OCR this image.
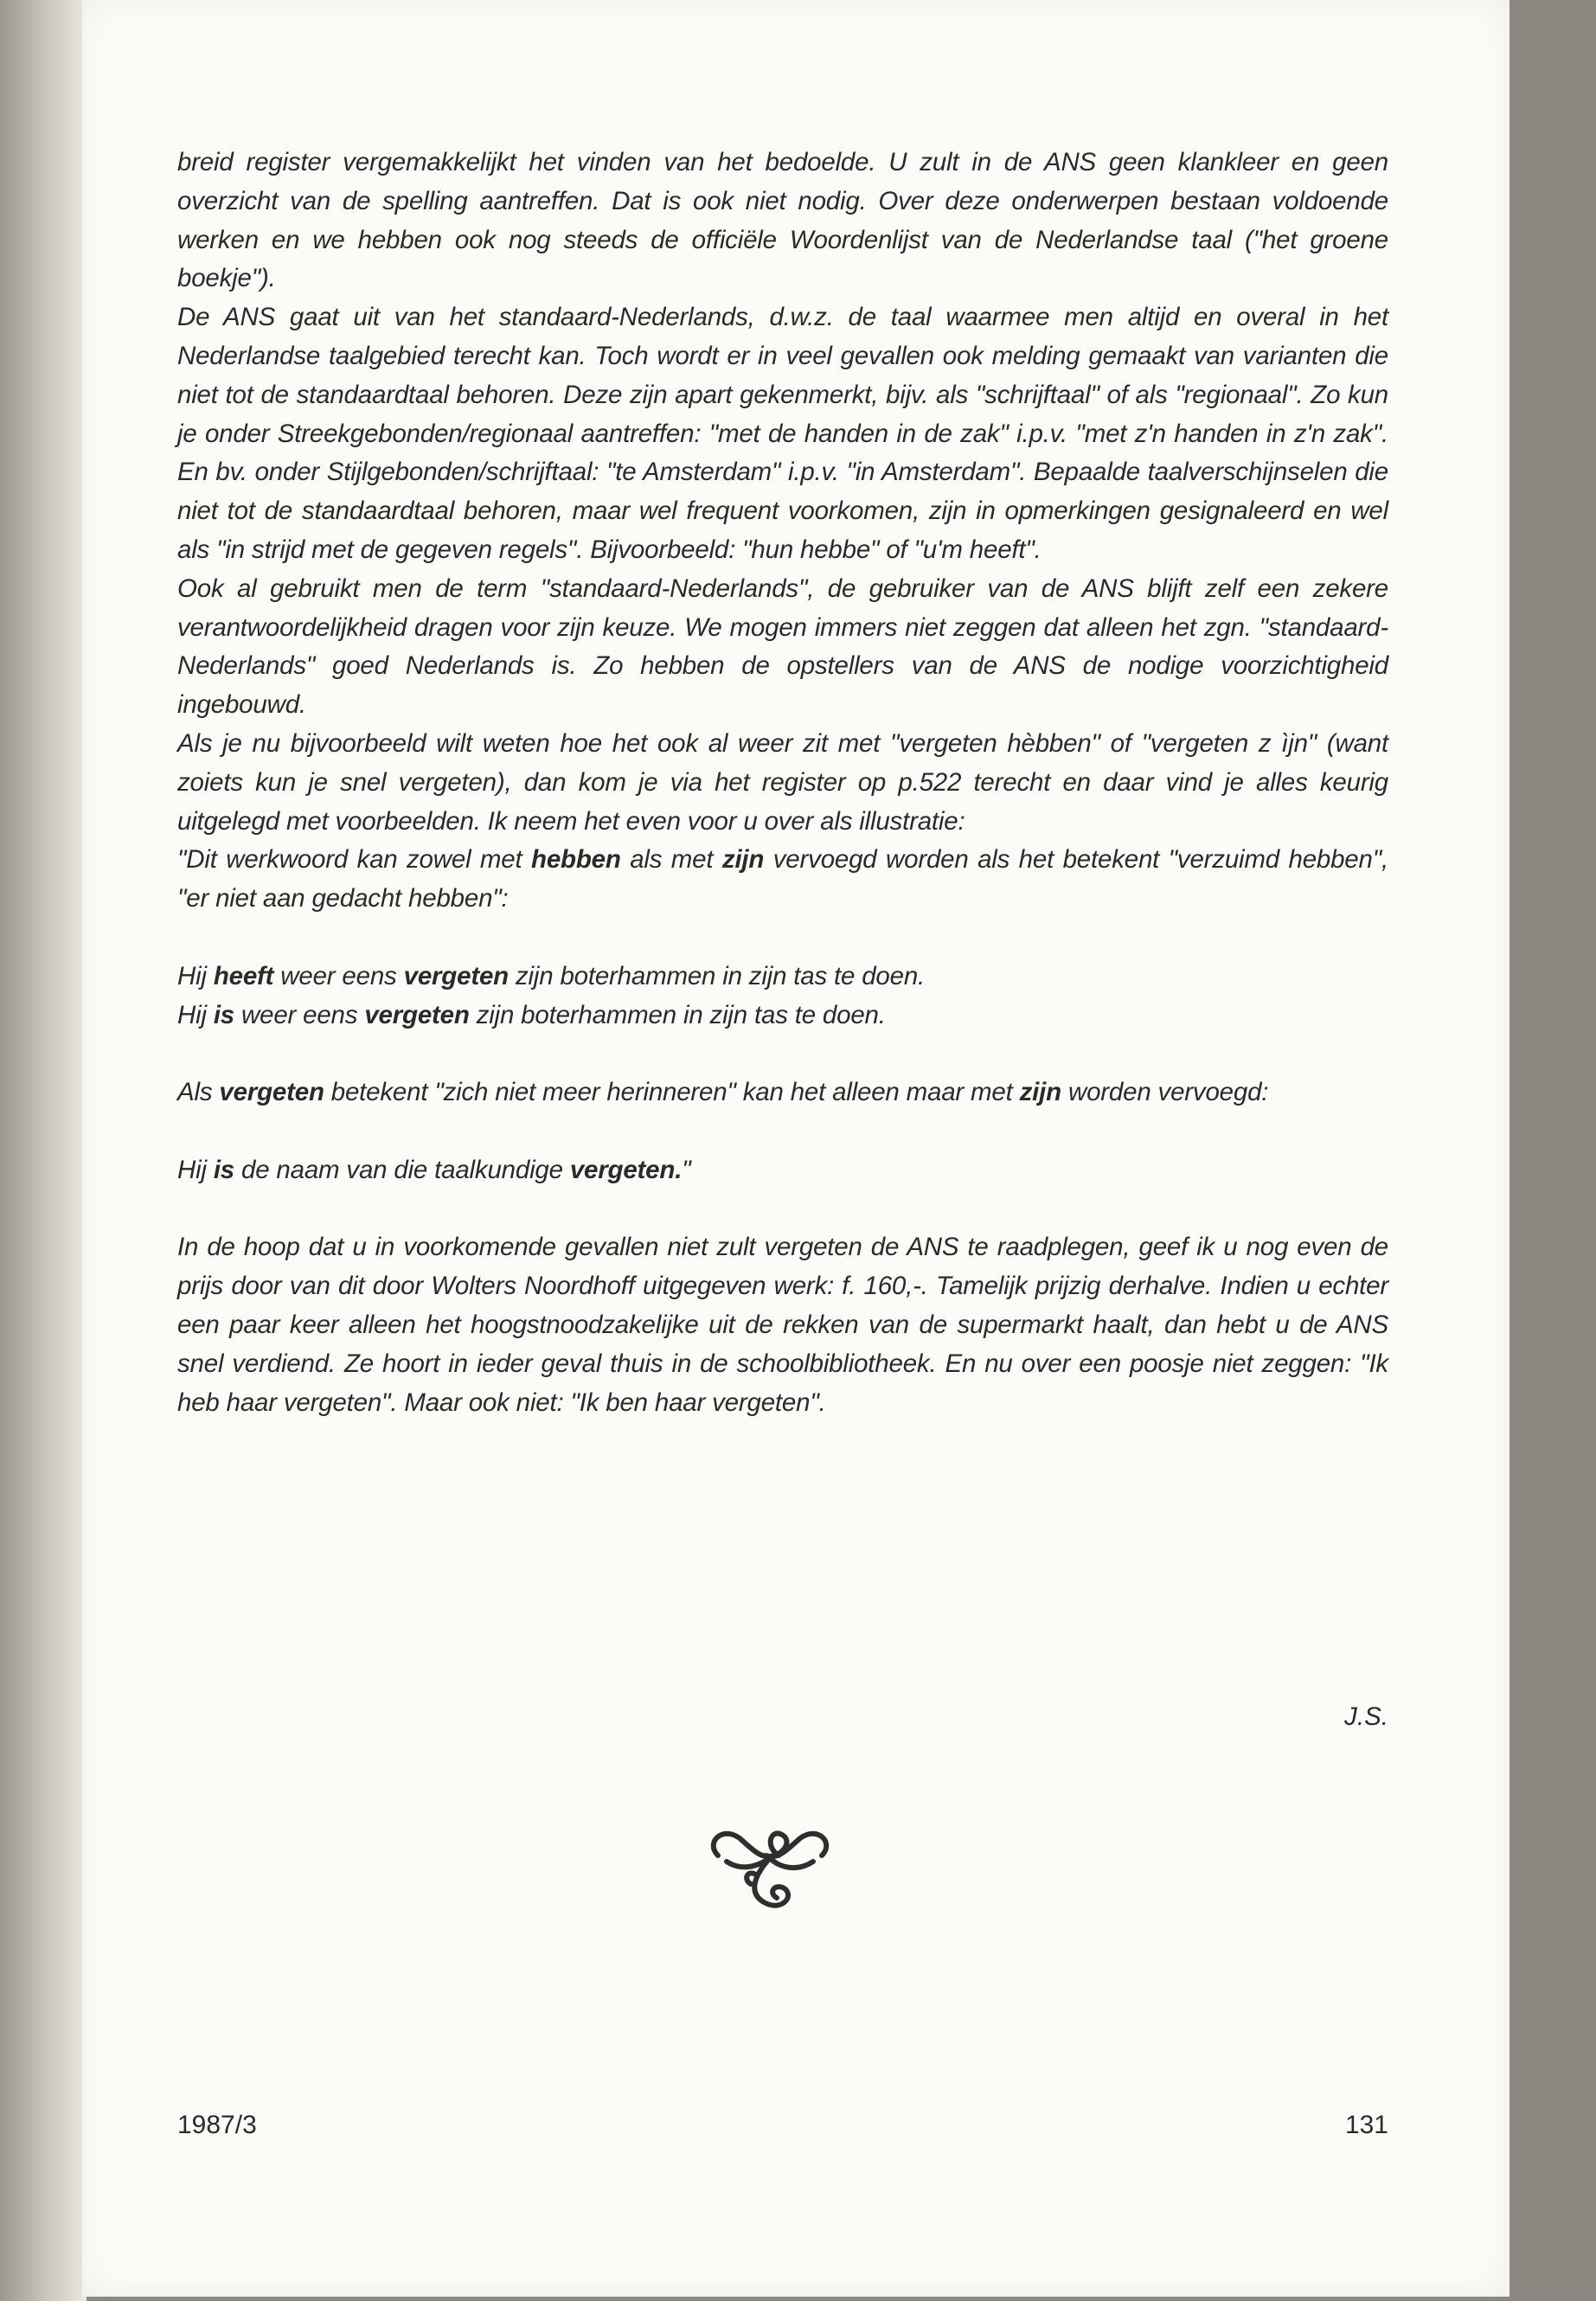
breid register vergemakkelijkt het vinden van het bedoelde. U zult in de ANS geen klankleer en geen overzicht van de spelling aantreffen. Dat is ook niet nodig. Over deze onderwerpen bestaan voldoende werken en we hebben ook nog steeds de officiële Woordenlijst van de Nederlandse taal ("het groene boekje").

De ANS gaat uit van het standaard-Nederlands, d.w.z. de taal waarmee men altijd en overal in het Nederlandse taalgebied terecht kan. Toch wordt er in veel gevallen ook melding gemaakt van varianten die niet tot de standaardtaal behoren. Deze zijn apart gekenmerkt, bijv. als "schrijftaal" of als "regionaal". Zo kun je onder Streekgebonden/regionaal aantreffen: "met de handen in de zak" i.p.v. "met z'n handen in z'n zak". En bv. onder Stijlgebonden/schrijftaal: "te Amsterdam" i.p.v. "in Amsterdam". Bepaalde taalverschijnselen die niet tot de standaardtaal behoren, maar wel frequent voorkomen, zijn in opmerkingen gesignaleerd en wel als "in strijd met de gegeven regels". Bijvoorbeeld: "hun hebbe" of "u'm heeft".

Ook al gebruikt men de term "standaard-Nederlands", de gebruiker van de ANS blijft zelf een zekere verantwoordelijkheid dragen voor zijn keuze. We mogen immers niet zeggen dat alleen het zgn. "standaard-Nederlands" goed Nederlands is. Zo hebben de opstellers van de ANS de nodige voorzichtigheid ingebouwd.

Als je nu bijvoorbeeld wilt weten hoe het ook al weer zit met "vergeten hèbben" of "vergeten z ìjn" (want zoiets kun je snel vergeten), dan kom je via het register op p.522 terecht en daar vind je alles keurig uitgelegd met voorbeelden. Ik neem het even voor u over als illustratie:

"Dit werkwoord kan zowel met hebben als met zijn vervoegd worden als het betekent "verzuimd hebben", "er niet aan gedacht hebben":

Hij heeft weer eens vergeten zijn boterhammen in zijn tas te doen.

Hij is weer eens vergeten zijn boterhammen in zijn tas te doen.

Als vergeten betekent "zich niet meer herinneren" kan het alleen maar met zijn worden vervoegd:

Hij is de naam van die taalkundige vergeten."

In de hoop dat u in voorkomende gevallen niet zult vergeten de ANS te raadplegen, geef ik u nog even de prijs door van dit door Wolters Noordhoff uitgegeven werk: f. 160,-. Tamelijk prijzig derhalve. Indien u echter een paar keer alleen het hoogstnoodzakelijke uit de rekken van de supermarkt haalt, dan hebt u de ANS snel verdiend. Ze hoort in ieder geval thuis in de schoolbibliotheek. En nu over een poosje niet zeggen: "Ik heb haar vergeten". Maar ook niet: "Ik ben haar vergeten".

J.S.
1987/3	131
